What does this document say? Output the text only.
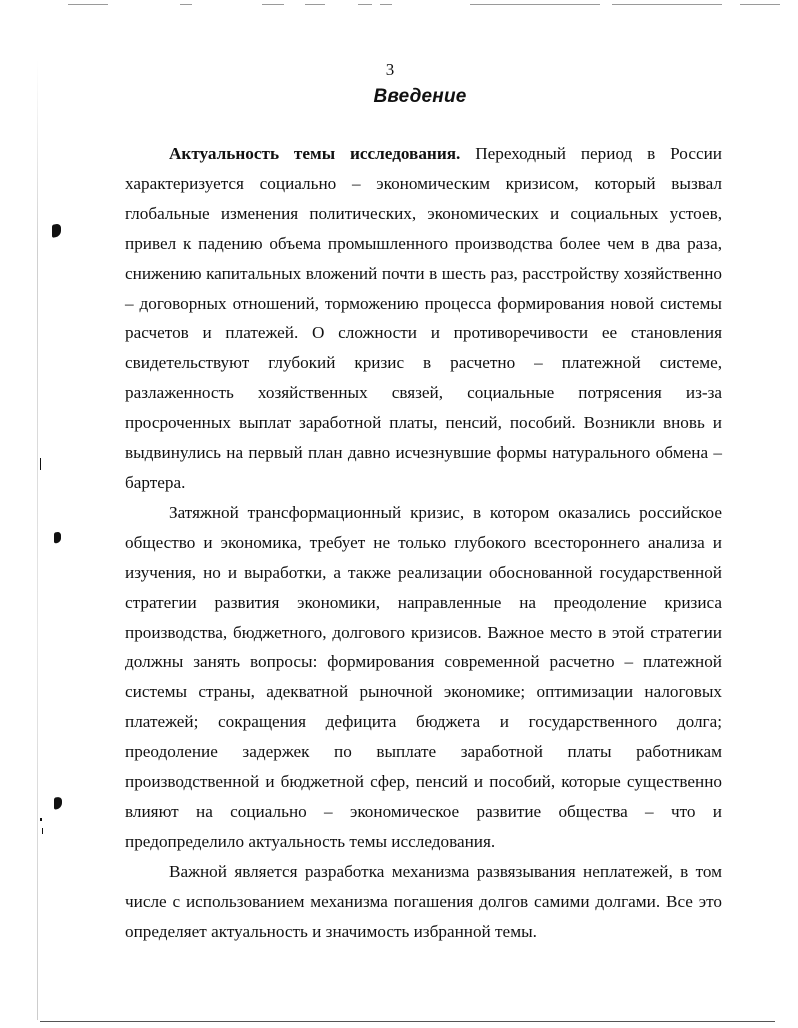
3
Введение

Актуальность темы исследования. Переходный период в России характеризуется социально – экономическим кризисом, который вызвал глобальные изменения политических, экономических и социальных устоев, привел к падению объема промышленного производства более чем в два раза, снижению капитальных вложений почти в шесть раз, расстройству хозяйственно – договорных отношений, торможению процесса формирования новой системы расчетов и платежей. О сложности и противоречивости ее становления свидетельствуют глубокий кризис в расчетно – платежной системе, разлаженность хозяйственных связей, социальные потрясения из-за просроченных выплат заработной платы, пенсий, пособий. Возникли вновь и выдвинулись на первый план давно исчезнувшие формы натурального обмена – бартера.

Затяжной трансформационный кризис, в котором оказались российское общество и экономика, требует не только глубокого всестороннего анализа и изучения, но и выработки, а также реализации обоснованной государственной стратегии развития экономики, направленные на преодоление кризиса производства, бюджетного, долгового кризисов. Важное место в этой стратегии должны занять вопросы: формирования современной расчетно – платежной системы страны, адекватной рыночной экономике; оптимизации налоговых платежей; сокращения дефицита бюджета и государственного долга; преодоление задержек по выплате заработной платы работникам производственной и бюджетной сфер, пенсий и пособий, которые существенно влияют на социально – экономическое развитие общества – что и предопределило актуальность темы исследования.

Важной является разработка механизма развязывания неплатежей, в том числе с использованием механизма погашения долгов самими долгами. Все это определяет актуальность и значимость избранной темы.
